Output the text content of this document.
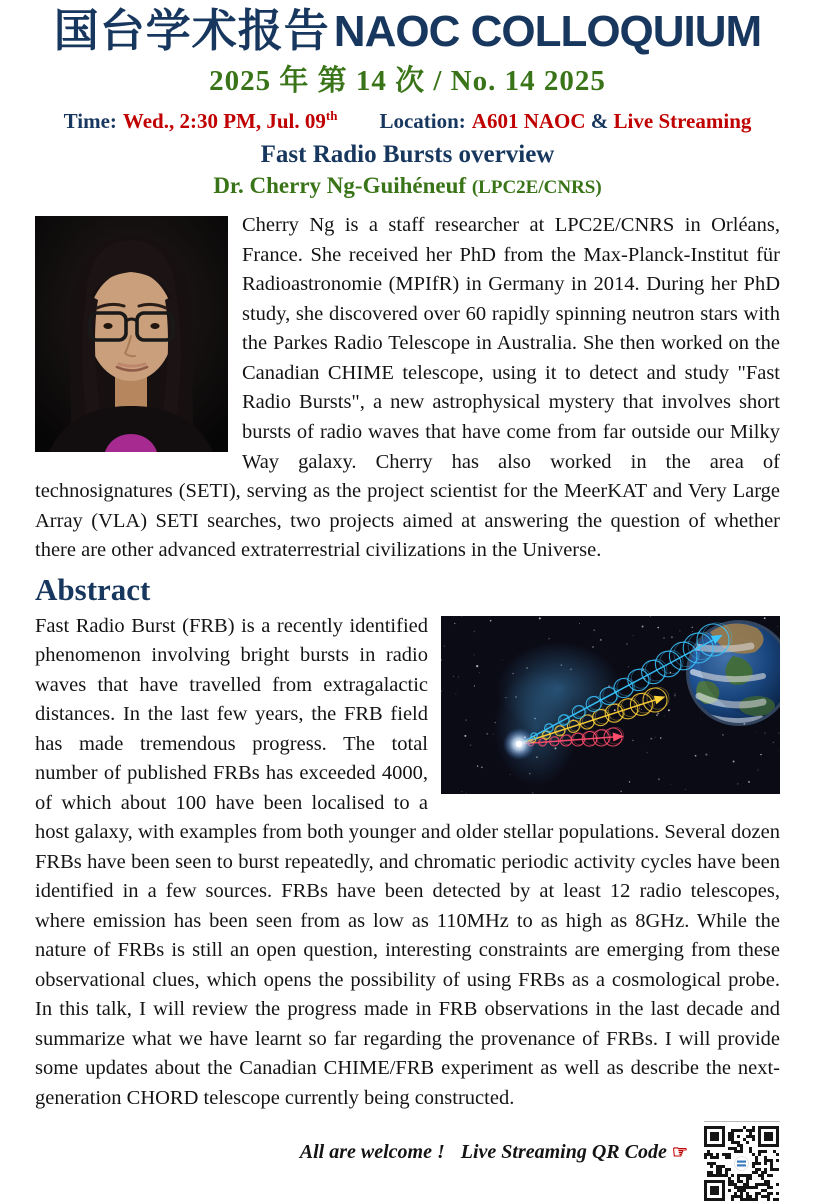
国台学术报告 NAOC COLLOQUIUM
2025 年 第 14 次 / No. 14 2025
Time: Wed., 2:30 PM, Jul. 09th Location: A601 NAOC & Live Streaming
Fast Radio Bursts overview
Dr. Cherry Ng-Guihéneuf (LPC2E/CNRS)
Cherry Ng is a staff researcher at LPC2E/CNRS in Orléans, France. She received her PhD from the Max-Planck-Institut für Radioastronomie (MPIfR) in Germany in 2014. During her PhD study, she discovered over 60 rapidly spinning neutron stars with the Parkes Radio Telescope in Australia. She then worked on the Canadian CHIME telescope, using it to detect and study "Fast Radio Bursts", a new astrophysical mystery that involves short bursts of radio waves that have come from far outside our Milky Way galaxy. Cherry has also worked in the area of technosignatures (SETI), serving as the project scientist for the MeerKAT and Very Large Array (VLA) SETI searches, two projects aimed at answering the question of whether there are other advanced extraterrestrial civilizations in the Universe.
Abstract
Fast Radio Burst (FRB) is a recently identified phenomenon involving bright bursts in radio waves that have travelled from extragalactic distances. In the last few years, the FRB field has made tremendous progress. The total number of published FRBs has exceeded 4000, of which about 100 have been localised to a host galaxy, with examples from both younger and older stellar populations. Several dozen FRBs have been seen to burst repeatedly, and chromatic periodic activity cycles have been identified in a few sources. FRBs have been detected by at least 12 radio telescopes, where emission has been seen from as low as 110MHz to as high as 8GHz. While the nature of FRBs is still an open question, interesting constraints are emerging from these observational clues, which opens the possibility of using FRBs as a cosmological probe. In this talk, I will review the progress made in FRB observations in the last decade and summarize what we have learnt so far regarding the provenance of FRBs. I will provide some updates about the Canadian CHIME/FRB experiment as well as describe the next-generation CHORD telescope currently being constructed.
All are welcome ! Live Streaming QR Code ☞
